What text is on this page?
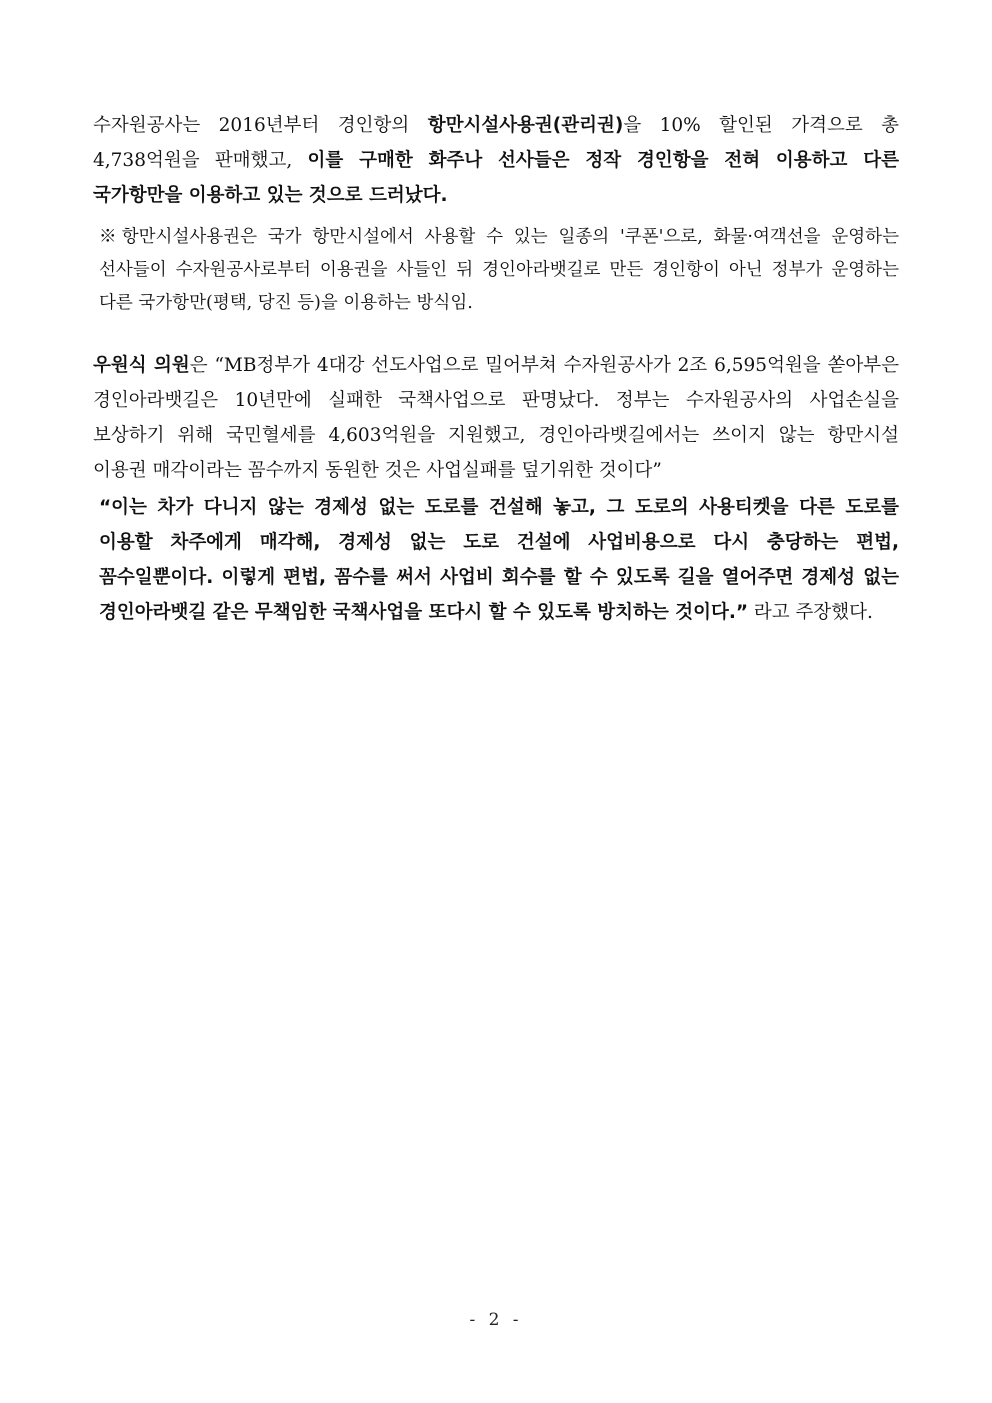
수자원공사는 2016년부터 경인항의 항만시설사용권(관리권)을 10% 할인된 가격으로 총 4,738억원을 판매했고, 이를 구매한 화주나 선사들은 정작 경인항을 전혀 이용하고 다른 국가항만을 이용하고 있는 것으로 드러났다.

※항만시설사용권은 국가 항만시설에서 사용할 수 있는 일종의 '쿠폰'으로, 화물·여객선을 운영하는 선사들이 수자원공사로부터 이용권을 사들인 뒤 경인아라뱃길로 만든 경인항이 아닌 정부가 운영하는 다른 국가항만(평택, 당진 등)을 이용하는 방식임.

우원식 의원은 “MB정부가 4대강 선도사업으로 밀어부쳐 수자원공사가 2조 6,595억원을 쏟아부은 경인아라뱃길은 10년만에 실패한 국책사업으로 판명났다. 정부는 수자원공사의 사업손실을 보상하기 위해 국민혈세를 4,603억원을 지원했고, 경인아라뱃길에서는 쓰이지 않는 항만시설 이용권 매각이라는 꼼수까지 동원한 것은 사업실패를 덮기위한 것이다”

“이는 차가 다니지 않는 경제성 없는 도로를 건설해 놓고, 그 도로의 사용티켓을 다른 도로를 이용할 차주에게 매각해, 경제성 없는 도로 건설에 사업비용으로 다시 충당하는 편법, 꼼수일뿐이다. 이렇게 편법, 꼼수를 써서 사업비 회수를 할 수 있도록 길을 열어주면 경제성 없는 경인아라뱃길 같은 무책임한 국책사업을 또다시 할 수 있도록 방치하는 것이다.” 라고 주장했다.

- 2 -
